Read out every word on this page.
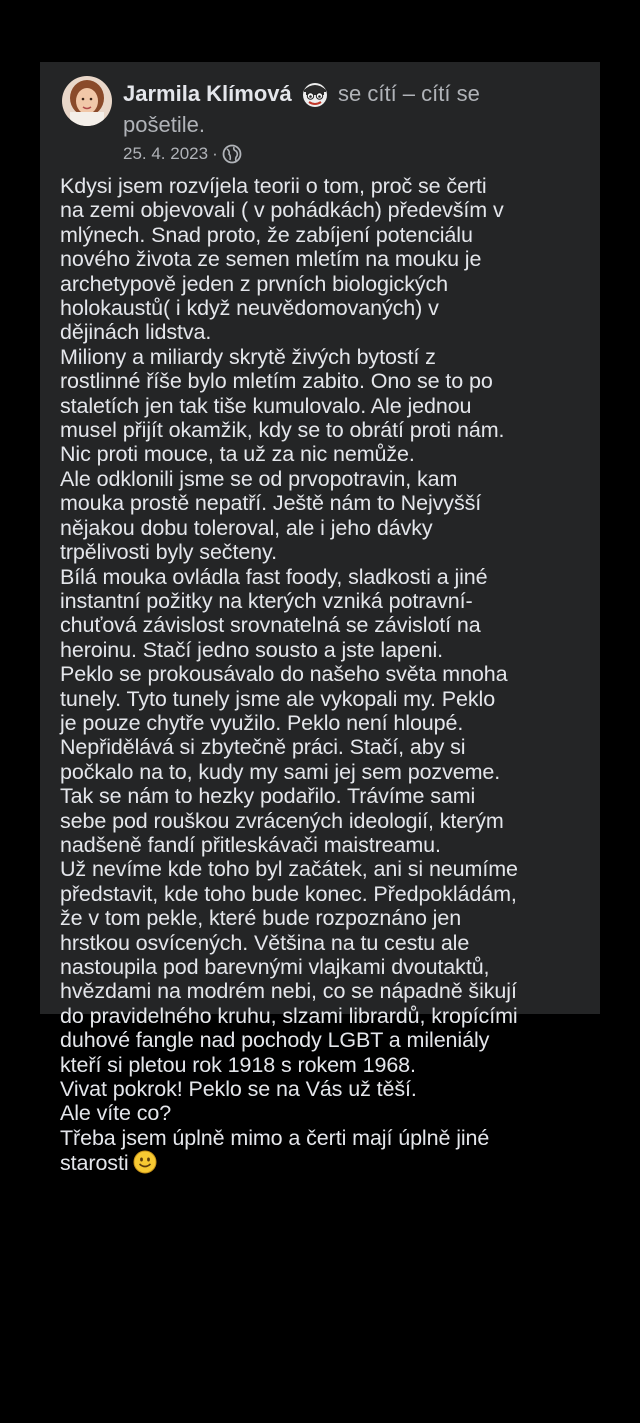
Jarmila Klímová se cítí – cítí se
pošetile.
25. 4. 2023 ·
Kdysi jsem rozvíjela teorii o tom, proč se čerti
na zemi objevovali ( v pohádkách) především v
mlýnech. Snad proto, že zabíjení potenciálu
nového života ze semen mletím na mouku je
archetypově jeden z prvních biologických
holokaustů( i když neuvědomovaných) v
dějinách lidstva.
Miliony a miliardy skrytě živých bytostí z
rostlinné říše bylo mletím zabito. Ono se to po
staletích jen tak tiše kumulovalo. Ale jednou
musel přijít okamžik, kdy se to obrátí proti nám.
Nic proti mouce, ta už za nic nemůže.
Ale odklonili jsme se od prvopotravin, kam
mouka prostě nepatří. Ještě nám to Nejvyšší
nějakou dobu toleroval, ale i jeho dávky
trpělivosti byly sečteny.
Bílá mouka ovládla fast foody, sladkosti a jiné
instantní požitky na kterých vzniká potravní-
chuťová závislost srovnatelná se závislotí na
heroinu. Stačí jedno sousto a jste lapeni.
Peklo se prokousávalo do našeho světa mnoha
tunely. Tyto tunely jsme ale vykopali my. Peklo
je pouze chytře využilo. Peklo není hloupé.
Nepřidělává si zbytečně práci. Stačí, aby si
počkalo na to, kudy my sami jej sem pozveme.
Tak se nám to hezky podařilo. Trávíme sami
sebe pod rouškou zvrácených ideologií, kterým
nadšeně fandí přitleskávači maistreamu.
Už nevíme kde toho byl začátek, ani si neumíme
představit, kde toho bude konec. Předpokládám,
že v tom pekle, které bude rozpoznáno jen
hrstkou osvícených. Většina na tu cestu ale
nastoupila pod barevnými vlajkami dvoutaktů,
hvězdami na modrém nebi, co se nápadně šikují
do pravidelného kruhu, slzami librardů, kropícími
duhové fangle nad pochody LGBT a mileniály
kteří si pletou rok 1918 s rokem 1968.
Vivat pokrok! Peklo se na Vás už těší.
Ale víte co?
Třeba jsem úplně mimo a čerti mají úplně jiné
starosti
